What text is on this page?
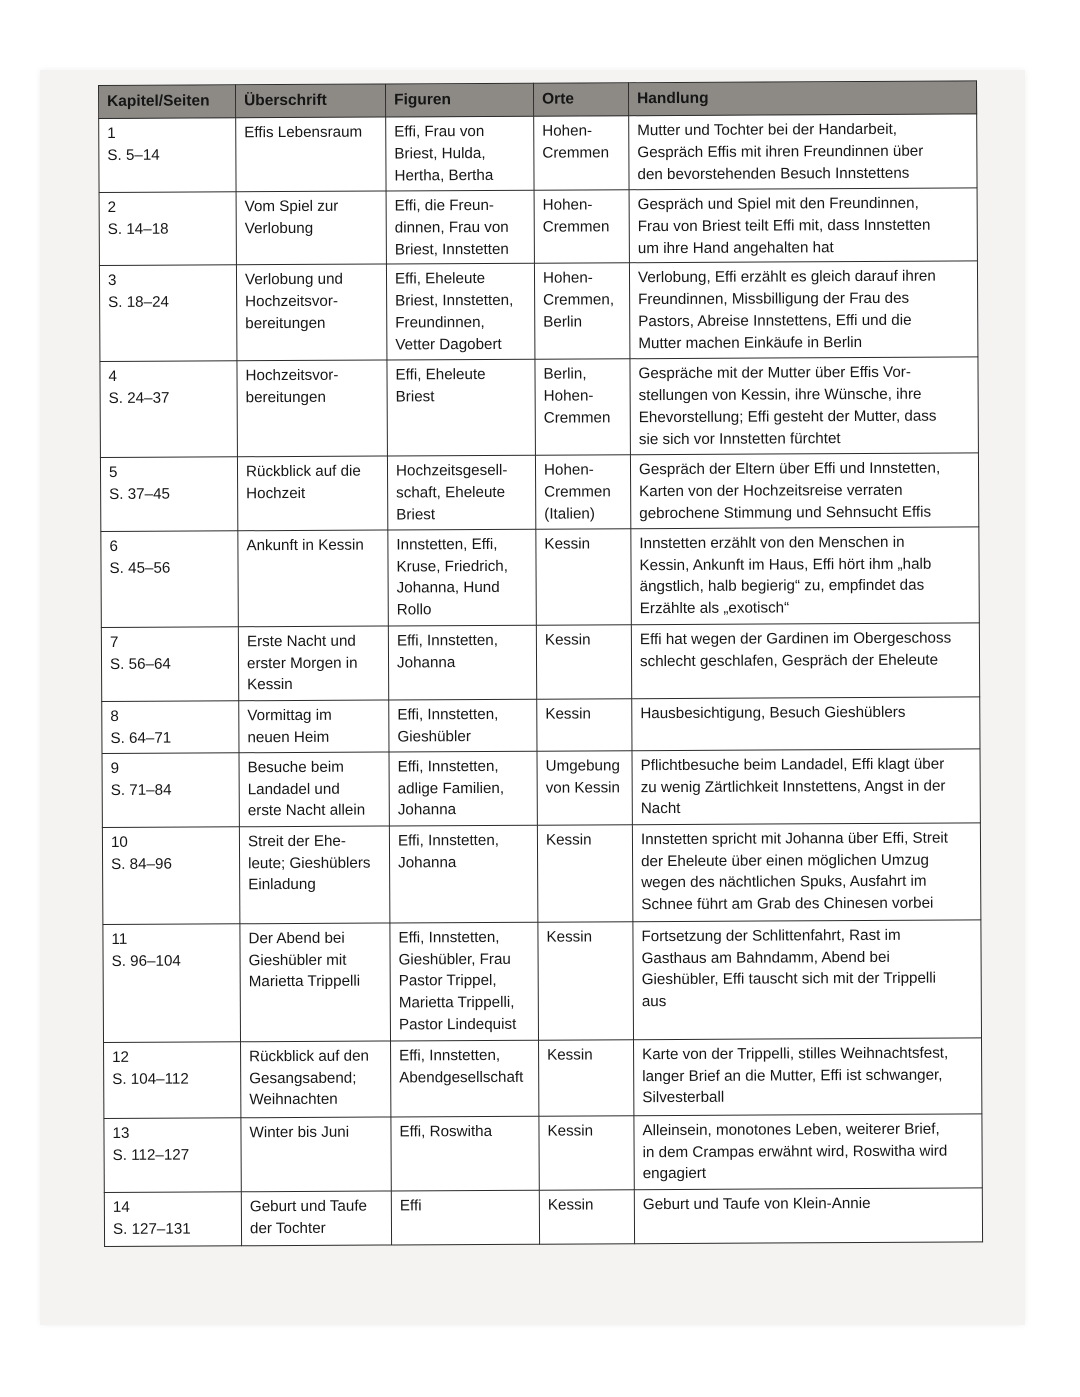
Kapitel/Seiten	Überschrift	Figuren	Orte	Handlung
1
S. 5–14	Effis Lebensraum	Effi, Frau von
Briest, Hulda,
Hertha, Bertha	Hohen-
Cremmen	Mutter und Tochter bei der Handarbeit,
Gespräch Effis mit ihren Freundinnen über
den bevorstehenden Besuch Innstettens
2
S. 14–18	Vom Spiel zur
Verlobung	Effi, die Freun-
dinnen, Frau von
Briest, Innstetten	Hohen-
Cremmen	Gespräch und Spiel mit den Freundinnen,
Frau von Briest teilt Effi mit, dass Innstetten
um ihre Hand angehalten hat
3
S. 18–24	Verlobung und
Hochzeitsvor-
bereitungen	Effi, Eheleute
Briest, Innstetten,
Freundinnen,
Vetter Dagobert	Hohen-
Cremmen,
Berlin	Verlobung, Effi erzählt es gleich darauf ihren
Freundinnen, Missbilligung der Frau des
Pastors, Abreise Innstettens, Effi und die
Mutter machen Einkäufe in Berlin
4
S. 24–37	Hochzeitsvor-
bereitungen	Effi, Eheleute
Briest	Berlin,
Hohen-
Cremmen	Gespräche mit der Mutter über Effis Vor-
stellungen von Kessin, ihre Wünsche, ihre
Ehevorstellung; Effi gesteht der Mutter, dass
sie sich vor Innstetten fürchtet
5
S. 37–45	Rückblick auf die
Hochzeit	Hochzeitsgesell-
schaft, Eheleute
Briest	Hohen-
Cremmen
(Italien)	Gespräch der Eltern über Effi und Innstetten,
Karten von der Hochzeitsreise verraten
gebrochene Stimmung und Sehnsucht Effis
6
S. 45–56	Ankunft in Kessin	Innstetten, Effi,
Kruse, Friedrich,
Johanna, Hund
Rollo	Kessin	Innstetten erzählt von den Menschen in
Kessin, Ankunft im Haus, Effi hört ihm „halb
ängstlich, halb begierig“ zu, empfindet das
Erzählte als „exotisch“
7
S. 56–64	Erste Nacht und
erster Morgen in
Kessin	Effi, Innstetten,
Johanna	Kessin	Effi hat wegen der Gardinen im Obergeschoss
schlecht geschlafen, Gespräch der Eheleute
8
S. 64–71	Vormittag im
neuen Heim	Effi, Innstetten,
Gieshübler	Kessin	Hausbesichtigung, Besuch Gieshüblers
9
S. 71–84	Besuche beim
Landadel und
erste Nacht allein	Effi, Innstetten,
adlige Familien,
Johanna	Umgebung
von Kessin	Pflichtbesuche beim Landadel, Effi klagt über
zu wenig Zärtlichkeit Innstettens, Angst in der
Nacht
10
S. 84–96	Streit der Ehe-
leute; Gieshüblers
Einladung	Effi, Innstetten,
Johanna	Kessin	Innstetten spricht mit Johanna über Effi, Streit
der Eheleute über einen möglichen Umzug
wegen des nächtlichen Spuks, Ausfahrt im
Schnee führt am Grab des Chinesen vorbei
11
S. 96–104	Der Abend bei
Gieshübler mit
Marietta Trippelli	Effi, Innstetten,
Gieshübler, Frau
Pastor Trippel,
Marietta Trippelli,
Pastor Lindequist	Kessin	Fortsetzung der Schlittenfahrt, Rast im
Gasthaus am Bahndamm, Abend bei
Gieshübler, Effi tauscht sich mit der Trippelli
aus
12
S. 104–112	Rückblick auf den
Gesangsabend;
Weihnachten	Effi, Innstetten,
Abendgesellschaft	Kessin	Karte von der Trippelli, stilles Weihnachtsfest,
langer Brief an die Mutter, Effi ist schwanger,
Silvesterball
13
S. 112–127	Winter bis Juni	Effi, Roswitha	Kessin	Alleinsein, monotones Leben, weiterer Brief,
in dem Crampas erwähnt wird, Roswitha wird
engagiert
14
S. 127–131	Geburt und Taufe
der Tochter	Effi	Kessin	Geburt und Taufe von Klein-Annie
